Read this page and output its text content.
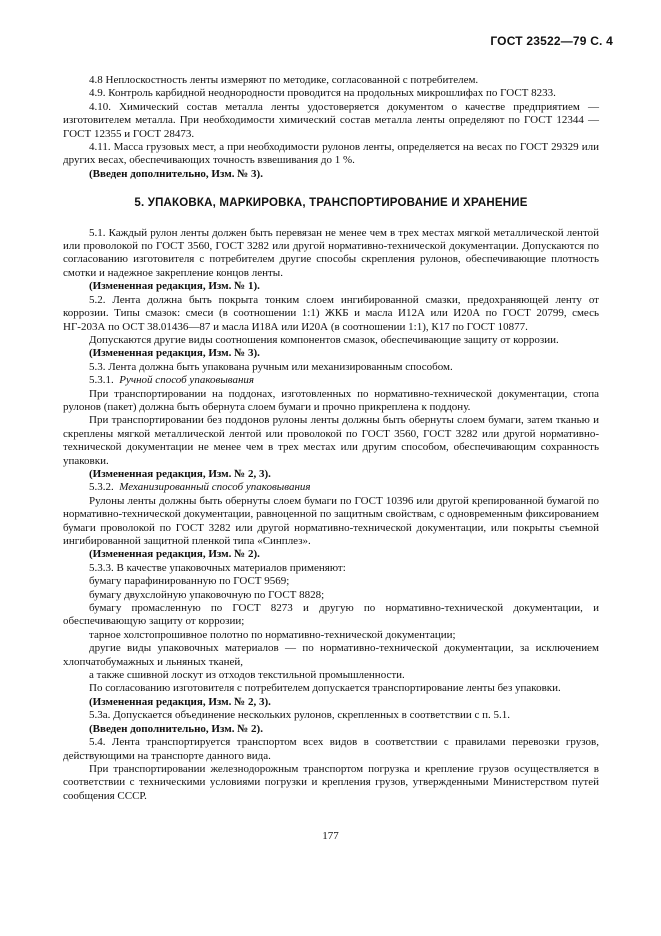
ГОСТ 23522—79 С. 4

4.8 Неплоскостность ленты измеряют по методике, согласованной с потребителем.

4.9. Контроль карбидной неоднородности проводится на продольных микрошлифах по ГОСТ 8233.

4.10. Химический состав металла ленты удостоверяется документом о качестве предприятием — изготовителем металла. При необходимости химический состав металла ленты определяют по ГОСТ 12344 — ГОСТ 12355 и ГОСТ 28473.

4.11. Масса грузовых мест, а при необходимости рулонов ленты, определяется на весах по ГОСТ 29329 или других весах, обеспечивающих точность взвешивания до 1 %.

(Введен дополнительно, Изм. № 3).

5. УПАКОВКА, МАРКИРОВКА, ТРАНСПОРТИРОВАНИЕ И ХРАНЕНИЕ

5.1. Каждый рулон ленты должен быть перевязан не менее чем в трех местах мягкой металлической лентой или проволокой по ГОСТ 3560, ГОСТ 3282 или другой нормативно-технической документации. Допускаются по согласованию изготовителя с потребителем другие способы скрепления рулонов, обеспечивающие плотность смотки и надежное закрепление концов ленты.

(Измененная редакция, Изм. № 1).

5.2. Лента должна быть покрыта тонким слоем ингибированной смазки, предохраняющей ленту от коррозии. Типы смазок: смеси (в соотношении 1:1) ЖКБ и масла И12А или И20А по ГОСТ 20799, смесь НГ-203А по ОСТ 38.01436—87 и масла И18А или И20А (в соотношении 1:1), К17 по ГОСТ 10877.

Допускаются другие виды соотношения компонентов смазок, обеспечивающие защиту от коррозии.

(Измененная редакция, Изм. № 3).

5.3. Лента должна быть упакована ручным или механизированным способом.

5.3.1. Ручной способ упаковывания

При транспортировании на поддонах, изготовленных по нормативно-технической документации, стопа рулонов (пакет) должна быть обернута слоем бумаги и прочно прикреплена к поддону.

При транспортировании без поддонов рулоны ленты должны быть обернуты слоем бумаги, затем тканью и скреплены мягкой металлической лентой или проволокой по ГОСТ 3560, ГОСТ 3282 или другой нормативно-технической документации не менее чем в трех местах или другим способом, обеспечивающим сохранность упаковки.

(Измененная редакция, Изм. № 2, 3).

5.3.2. Механизированный способ упаковывания

Рулоны ленты должны быть обернуты слоем бумаги по ГОСТ 10396 или другой крепированной бумагой по нормативно-технической документации, равноценной по защитным свойствам, с одновременным фиксированием бумаги проволокой по ГОСТ 3282 или другой нормативно-технической документации, или покрыты съемной ингибированной защитной пленкой типа «Синплез».

(Измененная редакция, Изм. № 2).

5.3.3. В качестве упаковочных материалов применяют:

бумагу парафинированную по ГОСТ 9569;

бумагу двухслойную упаковочную по ГОСТ 8828;

бумагу промасленную по ГОСТ 8273 и другую по нормативно-технической документации, и обеспечивающую защиту от коррозии;

тарное холстопрошивное полотно по нормативно-технической документации;

другие виды упаковочных материалов — по нормативно-технической документации, за исключением хлопчатобумажных и льняных тканей,

а также сшивной лоскут из отходов текстильной промышленности.

По согласованию изготовителя с потребителем допускается транспортирование ленты без упаковки.

(Измененная редакция, Изм. № 2, 3).

5.3а. Допускается объединение нескольких рулонов, скрепленных в соответствии с п. 5.1.

(Введен дополнительно, Изм. № 2).

5.4. Лента транспортируется транспортом всех видов в соответствии с правилами перевозки грузов, действующими на транспорте данного вида.

При транспортировании железнодорожным транспортом погрузка и крепление грузов осуществляется в соответствии с техническими условиями погрузки и крепления грузов, утвержденными Министерством путей сообщения СССР.

177
